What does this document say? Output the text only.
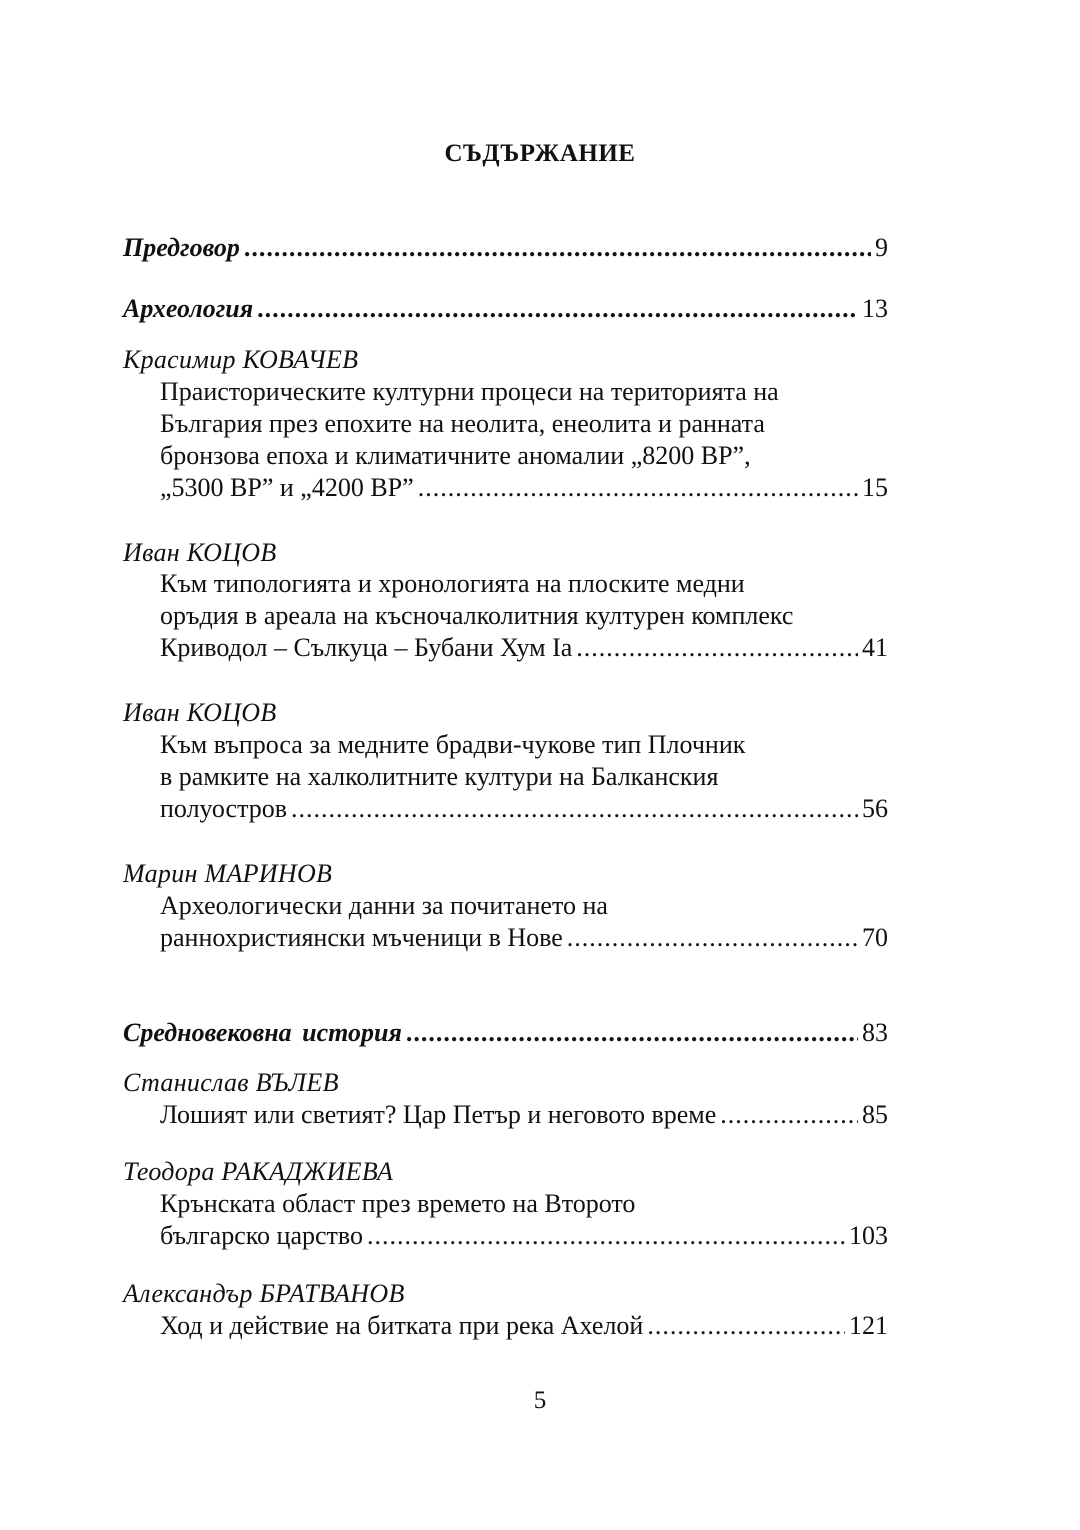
СЪДЪРЖАНИЕ
Предговор .....	9
Археология .....	13
Красимир КОВАЧЕВ
Праисторическите културни процеси на територията на
България през епохите на неолита, енеолита и ранната
бронзова епоха и климатичните аномалии „8200 BP”,
„5300 BP” и „4200 BP” .....	15
Иван КОЦОВ
Към типологията и хронологията на плоските медни
оръдия в ареала на късночалколитния културен комплекс
Криводол – Сълкуца – Бубани Хум Ia .....	41
Иван КОЦОВ
Към въпроса за медните брадви-чукове тип Плочник
в рамките на халколитните култури на Балканския
полуостров .....	56
Марин МАРИНОВ
Археологически данни за почитането на
раннохристиянски мъченици в Нове .....	70
Средновековна история .....	83
Станислав ВЪЛЕВ
Лошият или светият? Цар Петър и неговото време .....	85
Теодора РАКАДЖИЕВА
Крънската област през времето на Второто
българско царство .....	103
Александър БРАТВАНОВ
Ход и действие на битката при река Ахелой .....	121
5
